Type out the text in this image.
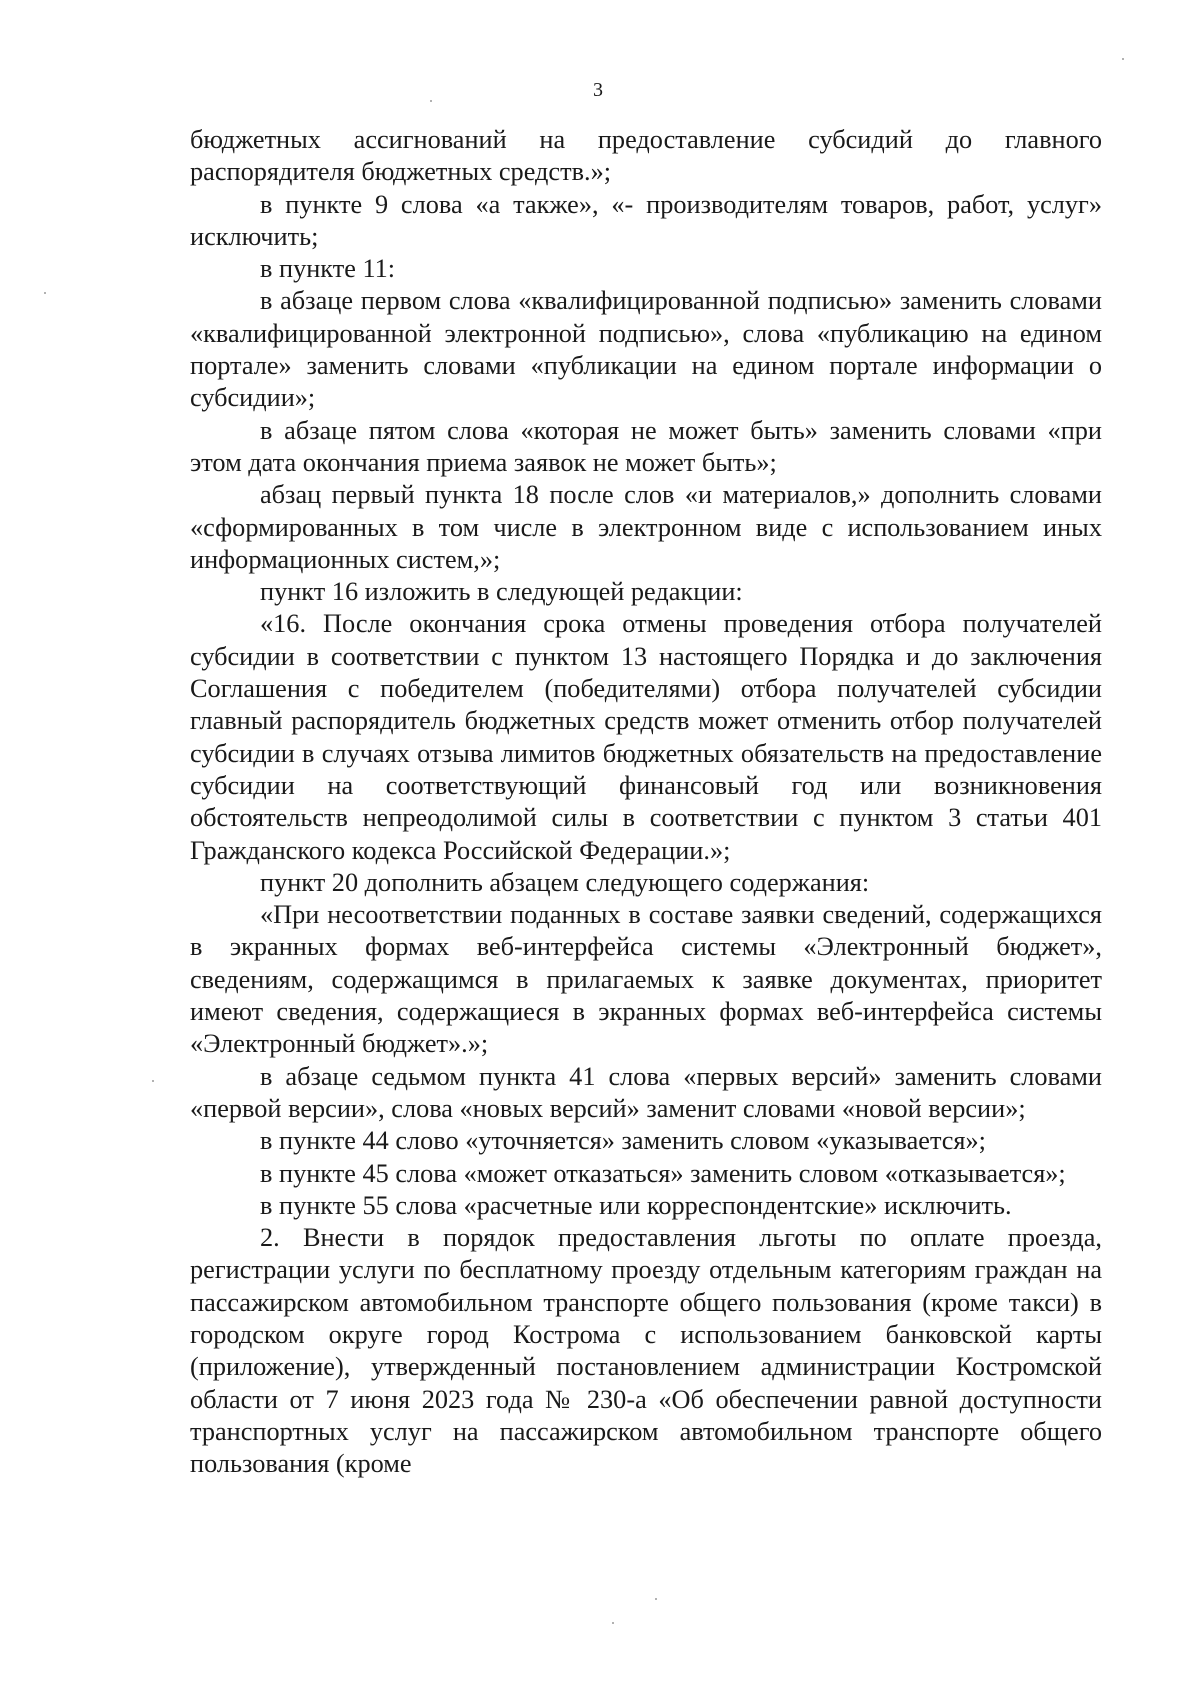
3

бюджетных ассигнований на предоставление субсидий до главного распорядителя бюджетных средств.»;

в пункте 9 слова «а также», «- производителям товаров, работ, услуг» исключить;

в пункте 11:

в абзаце первом слова «квалифицированной подписью» заменить словами «квалифицированной электронной подписью», слова «публикацию на едином портале» заменить словами «публикации на едином портале информации о субсидии»;

в абзаце пятом слова «которая не может быть» заменить словами «при этом дата окончания приема заявок не может быть»;

абзац первый пункта 18 после слов «и материалов,» дополнить словами «сформированных в том числе в электронном виде с использованием иных информационных систем,»;

пункт 16 изложить в следующей редакции:

«16. После окончания срока отмены проведения отбора получателей субсидии в соответствии с пунктом 13 настоящего Порядка и до заключения Соглашения с победителем (победителями) отбора получателей субсидии главный распорядитель бюджетных средств может отменить отбор получателей субсидии в случаях отзыва лимитов бюджетных обязательств на предоставление субсидии на соответствующий финансовый год или возникновения обстоятельств непреодолимой силы в соответствии с пунктом 3 статьи 401 Гражданского кодекса Российской Федерации.»;

пункт 20 дополнить абзацем следующего содержания:

«При несоответствии поданных в составе заявки сведений, содержащихся в экранных формах веб-интерфейса системы «Электронный бюджет», сведениям, содержащимся в прилагаемых к заявке документах, приоритет имеют сведения, содержащиеся в экранных формах веб-интерфейса системы «Электронный бюджет».»;

в абзаце седьмом пункта 41 слова «первых версий» заменить словами «первой версии», слова «новых версий» заменит словами «новой версии»;

в пункте 44 слово «уточняется» заменить словом «указывается»;

в пункте 45 слова «может отказаться» заменить словом «отказывается»;

в пункте 55 слова «расчетные или корреспондентские» исключить.

2. Внести в порядок предоставления льготы по оплате проезда, регистрации услуги по бесплатному проезду отдельным категориям граждан на пассажирском автомобильном транспорте общего пользования (кроме такси) в городском округе город Кострома с использованием банковской карты (приложение), утвержденный постановлением администрации Костромской области от 7 июня 2023 года № 230-а «Об обеспечении равной доступности транспортных услуг на пассажирском автомобильном транспорте общего пользования (кроме
